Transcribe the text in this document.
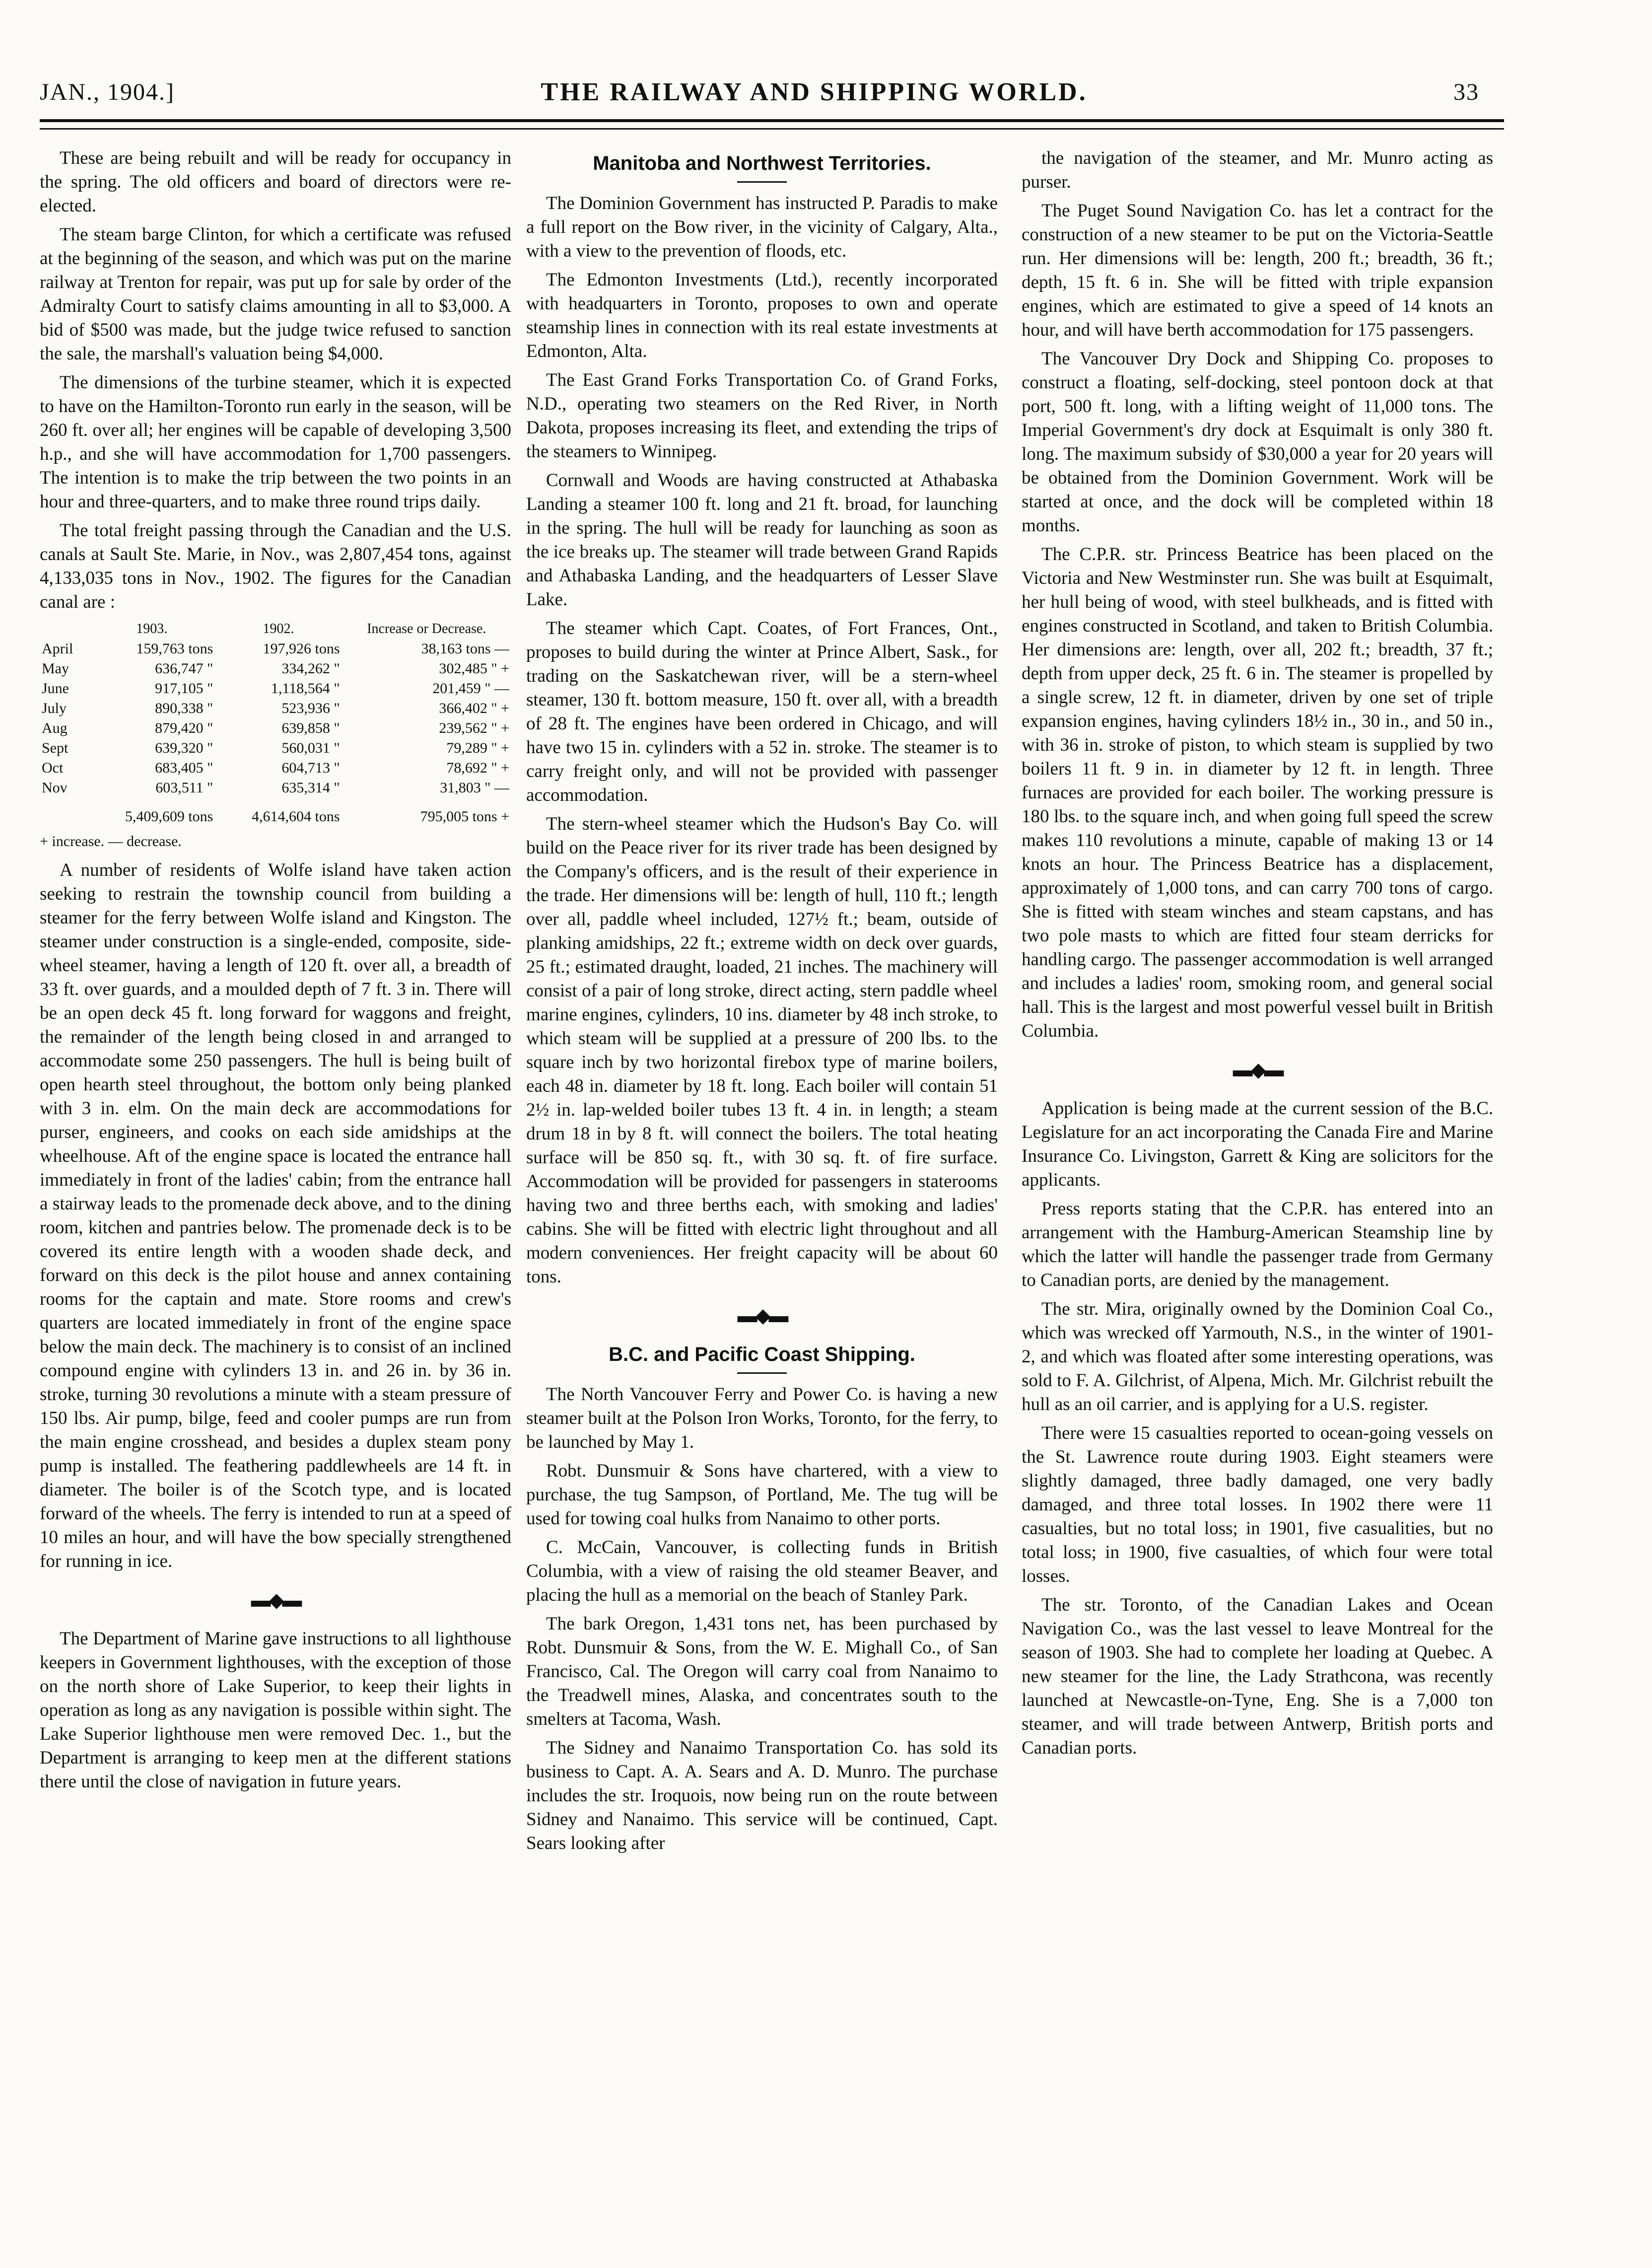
JAN., 1904.]	THE RAILWAY AND SHIPPING WORLD.	33

These are being rebuilt and will be ready for occupancy in the spring. The old officers and board of directors were re-elected.

The steam barge Clinton, for which a certificate was refused at the beginning of the season, and which was put on the marine railway at Trenton for repair, was put up for sale by order of the Admiralty Court to satisfy claims amounting in all to $3,000. A bid of $500 was made, but the judge twice refused to sanction the sale, the marshall's valuation being $4,000.

The dimensions of the turbine steamer, which it is expected to have on the Hamilton-Toronto run early in the season, will be 260 ft. over all; her engines will be capable of developing 3,500 h.p., and she will have accommodation for 1,700 passengers. The intention is to make the trip between the two points in an hour and three-quarters, and to make three round trips daily.

The total freight passing through the Canadian and the U.S. canals at Sault Ste. Marie, in Nov., was 2,807,454 tons, against 4,133,035 tons in Nov., 1902. The figures for the Canadian canal are :

	1903.	1902.	Increase or Decrease.
April	159,763 tons	197,926 tons	38,163 tons —
May	636,747 "	334,262 "	302,485 " +
June	917,105 "	1,118,564 "	201,459 " —
July	890,338 "	523,936 "	366,402 " +
Aug	879,420 "	639,858 "	239,562 " +
Sept	639,320 "	560,031 "	79,289 " +
Oct	683,405 "	604,713 "	78,692 " +
Nov	603,511 "	635,314 "	31,803 " —
	5,409,609 tons	4,614,604 tons	795,005 tons +
+ increase. — decrease.

A number of residents of Wolfe island have taken action seeking to restrain the township council from building a steamer for the ferry between Wolfe island and Kingston. The steamer under construction is a single-ended, composite, side-wheel steamer, having a length of 120 ft. over all, a breadth of 33 ft. over guards, and a moulded depth of 7 ft. 3 in. There will be an open deck 45 ft. long forward for waggons and freight, the remainder of the length being closed in and arranged to accommodate some 250 passengers. The hull is being built of open hearth steel throughout, the bottom only being planked with 3 in. elm. On the main deck are accommodations for purser, engineers, and cooks on each side amidships at the wheelhouse. Aft of the engine space is located the entrance hall immediately in front of the ladies' cabin; from the entrance hall a stairway leads to the promenade deck above, and to the dining room, kitchen and pantries below. The promenade deck is to be covered its entire length with a wooden shade deck, and forward on this deck is the pilot house and annex containing rooms for the captain and mate. Store rooms and crew's quarters are located immediately in front of the engine space below the main deck. The machinery is to consist of an inclined compound engine with cylinders 13 in. and 26 in. by 36 in. stroke, turning 30 revolutions a minute with a steam pressure of 150 lbs. Air pump, bilge, feed and cooler pumps are run from the main engine crosshead, and besides a duplex steam pony pump is installed. The feathering paddlewheels are 14 ft. in diameter. The boiler is of the Scotch type, and is located forward of the wheels. The ferry is intended to run at a speed of 10 miles an hour, and will have the bow specially strengthened for running in ice.

▬◆▬

The Department of Marine gave instructions to all lighthouse keepers in Government lighthouses, with the exception of those on the north shore of Lake Superior, to keep their lights in operation as long as any navigation is possible within sight. The Lake Superior lighthouse men were removed Dec. 1., but the Department is arranging to keep men at the different stations there until the close of navigation in future years.

Manitoba and Northwest Territories.

The Dominion Government has instructed P. Paradis to make a full report on the Bow river, in the vicinity of Calgary, Alta., with a view to the prevention of floods, etc.

The Edmonton Investments (Ltd.), recently incorporated with headquarters in Toronto, proposes to own and operate steamship lines in connection with its real estate investments at Edmonton, Alta.

The East Grand Forks Transportation Co. of Grand Forks, N.D., operating two steamers on the Red River, in North Dakota, proposes increasing its fleet, and extending the trips of the steamers to Winnipeg.

Cornwall and Woods are having constructed at Athabaska Landing a steamer 100 ft. long and 21 ft. broad, for launching in the spring. The hull will be ready for launching as soon as the ice breaks up. The steamer will trade between Grand Rapids and Athabaska Landing, and the headquarters of Lesser Slave Lake.

The steamer which Capt. Coates, of Fort Frances, Ont., proposes to build during the winter at Prince Albert, Sask., for trading on the Saskatchewan river, will be a stern-wheel steamer, 130 ft. bottom measure, 150 ft. over all, with a breadth of 28 ft. The engines have been ordered in Chicago, and will have two 15 in. cylinders with a 52 in. stroke. The steamer is to carry freight only, and will not be provided with passenger accommodation.

The stern-wheel steamer which the Hudson's Bay Co. will build on the Peace river for its river trade has been designed by the Company's officers, and is the result of their experience in the trade. Her dimensions will be: length of hull, 110 ft.; length over all, paddle wheel included, 127½ ft.; beam, outside of planking amidships, 22 ft.; extreme width on deck over guards, 25 ft.; estimated draught, loaded, 21 inches. The machinery will consist of a pair of long stroke, direct acting, stern paddle wheel marine engines, cylinders, 10 ins. diameter by 48 inch stroke, to which steam will be supplied at a pressure of 200 lbs. to the square inch by two horizontal firebox type of marine boilers, each 48 in. diameter by 18 ft. long. Each boiler will contain 51 2½ in. lap-welded boiler tubes 13 ft. 4 in. in length; a steam drum 18 in by 8 ft. will connect the boilers. The total heating surface will be 850 sq. ft., with 30 sq. ft. of fire surface. Accommodation will be provided for passengers in staterooms having two and three berths each, with smoking and ladies' cabins. She will be fitted with electric light throughout and all modern conveniences. Her freight capacity will be about 60 tons.

▬◆▬
B.C. and Pacific Coast Shipping.

The North Vancouver Ferry and Power Co. is having a new steamer built at the Polson Iron Works, Toronto, for the ferry, to be launched by May 1.

Robt. Dunsmuir & Sons have chartered, with a view to purchase, the tug Sampson, of Portland, Me. The tug will be used for towing coal hulks from Nanaimo to other ports.

C. McCain, Vancouver, is collecting funds in British Columbia, with a view of raising the old steamer Beaver, and placing the hull as a memorial on the beach of Stanley Park.

The bark Oregon, 1,431 tons net, has been purchased by Robt. Dunsmuir & Sons, from the W. E. Mighall Co., of San Francisco, Cal. The Oregon will carry coal from Nanaimo to the Treadwell mines, Alaska, and concentrates south to the smelters at Tacoma, Wash.

The Sidney and Nanaimo Transportation Co. has sold its business to Capt. A. A. Sears and A. D. Munro. The purchase includes the str. Iroquois, now being run on the route between Sidney and Nanaimo. This service will be continued, Capt. Sears looking after

the navigation of the steamer, and Mr. Munro acting as purser.

The Puget Sound Navigation Co. has let a contract for the construction of a new steamer to be put on the Victoria-Seattle run. Her dimensions will be: length, 200 ft.; breadth, 36 ft.; depth, 15 ft. 6 in. She will be fitted with triple expansion engines, which are estimated to give a speed of 14 knots an hour, and will have berth accommodation for 175 passengers.

The Vancouver Dry Dock and Shipping Co. proposes to construct a floating, self-docking, steel pontoon dock at that port, 500 ft. long, with a lifting weight of 11,000 tons. The Imperial Government's dry dock at Esquimalt is only 380 ft. long. The maximum subsidy of $30,000 a year for 20 years will be obtained from the Dominion Government. Work will be started at once, and the dock will be completed within 18 months.

The C.P.R. str. Princess Beatrice has been placed on the Victoria and New Westminster run. She was built at Esquimalt, her hull being of wood, with steel bulkheads, and is fitted with engines constructed in Scotland, and taken to British Columbia. Her dimensions are: length, over all, 202 ft.; breadth, 37 ft.; depth from upper deck, 25 ft. 6 in. The steamer is propelled by a single screw, 12 ft. in diameter, driven by one set of triple expansion engines, having cylinders 18½ in., 30 in., and 50 in., with 36 in. stroke of piston, to which steam is supplied by two boilers 11 ft. 9 in. in diameter by 12 ft. in length. Three furnaces are provided for each boiler. The working pressure is 180 lbs. to the square inch, and when going full speed the screw makes 110 revolutions a minute, capable of making 13 or 14 knots an hour. The Princess Beatrice has a displacement, approximately of 1,000 tons, and can carry 700 tons of cargo. She is fitted with steam winches and steam capstans, and has two pole masts to which are fitted four steam derricks for handling cargo. The passenger accommodation is well arranged and includes a ladies' room, smoking room, and general social hall. This is the largest and most powerful vessel built in British Columbia.

▬◆▬

Application is being made at the current session of the B.C. Legislature for an act incorporating the Canada Fire and Marine Insurance Co. Livingston, Garrett & King are solicitors for the applicants.

Press reports stating that the C.P.R. has entered into an arrangement with the Hamburg-American Steamship line by which the latter will handle the passenger trade from Germany to Canadian ports, are denied by the management.

The str. Mira, originally owned by the Dominion Coal Co., which was wrecked off Yarmouth, N.S., in the winter of 1901-2, and which was floated after some interesting operations, was sold to F. A. Gilchrist, of Alpena, Mich. Mr. Gilchrist rebuilt the hull as an oil carrier, and is applying for a U.S. register.

There were 15 casualties reported to ocean-going vessels on the St. Lawrence route during 1903. Eight steamers were slightly damaged, three badly damaged, one very badly damaged, and three total losses. In 1902 there were 11 casualties, but no total loss; in 1901, five casualities, but no total loss; in 1900, five casualties, of which four were total losses.

The str. Toronto, of the Canadian Lakes and Ocean Navigation Co., was the last vessel to leave Montreal for the season of 1903. She had to complete her loading at Quebec. A new steamer for the line, the Lady Strathcona, was recently launched at Newcastle-on-Tyne, Eng. She is a 7,000 ton steamer, and will trade between Antwerp, British ports and Canadian ports.
